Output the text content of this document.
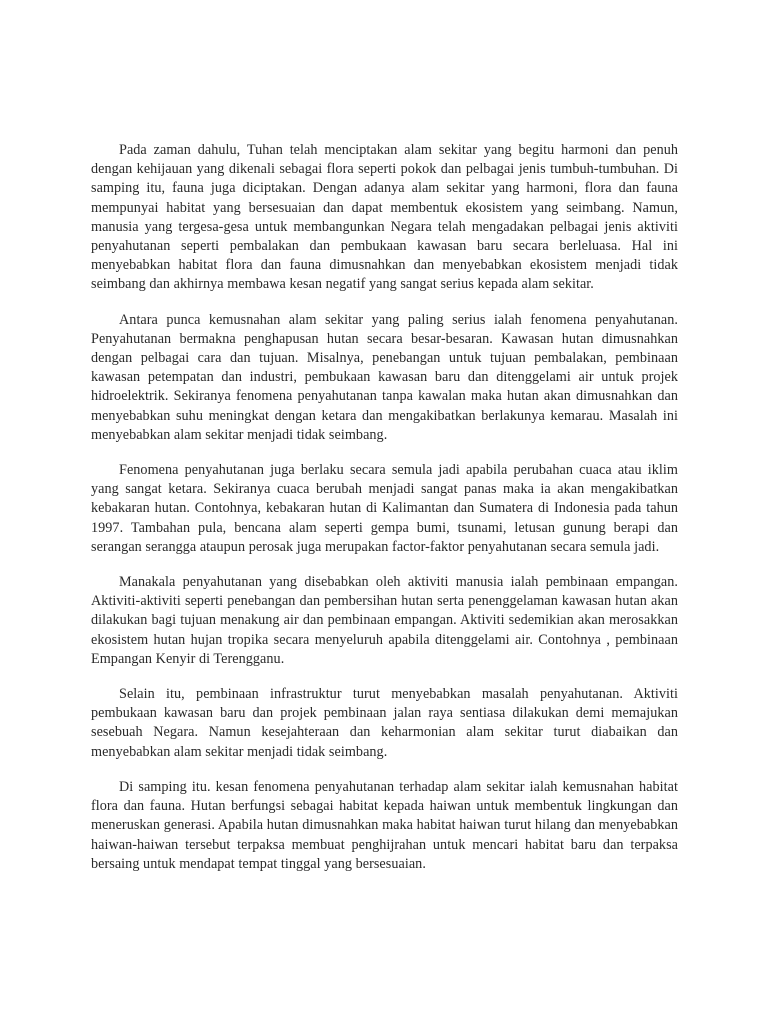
Pada zaman dahulu, Tuhan telah menciptakan alam sekitar yang begitu harmoni dan penuh dengan kehijauan yang dikenali sebagai flora seperti pokok dan pelbagai jenis tumbuh-tumbuhan. Di samping itu, fauna juga diciptakan. Dengan adanya alam sekitar yang harmoni, flora dan fauna mempunyai habitat yang bersesuaian dan dapat membentuk ekosistem yang seimbang. Namun, manusia yang tergesa-gesa untuk membangunkan Negara telah mengadakan pelbagai jenis aktiviti penyahutanan seperti pembalakan dan pembukaan kawasan baru secara berleluasa. Hal ini menyebabkan habitat flora dan fauna dimusnahkan dan menyebabkan ekosistem menjadi tidak seimbang dan akhirnya membawa kesan negatif yang sangat serius kepada alam sekitar.

Antara punca kemusnahan alam sekitar yang paling serius ialah fenomena penyahutanan. Penyahutanan bermakna penghapusan hutan secara besar-besaran. Kawasan hutan dimusnahkan dengan pelbagai cara dan tujuan. Misalnya, penebangan untuk tujuan pembalakan, pembinaan kawasan petempatan dan industri, pembukaan kawasan baru dan ditenggelami air untuk projek hidroelektrik. Sekiranya fenomena penyahutanan tanpa kawalan maka hutan akan dimusnahkan dan menyebabkan suhu meningkat dengan ketara dan mengakibatkan berlakunya kemarau. Masalah ini menyebabkan alam sekitar menjadi tidak seimbang.

Fenomena penyahutanan juga berlaku secara semula jadi apabila perubahan cuaca atau iklim yang sangat ketara. Sekiranya cuaca berubah menjadi sangat panas maka ia akan mengakibatkan kebakaran hutan. Contohnya, kebakaran hutan di Kalimantan dan Sumatera di Indonesia pada tahun 1997. Tambahan pula, bencana alam seperti gempa bumi, tsunami, letusan gunung berapi dan serangan serangga ataupun perosak juga merupakan factor-faktor penyahutanan secara semula jadi.

Manakala penyahutanan yang disebabkan oleh aktiviti manusia ialah pembinaan empangan. Aktiviti-aktiviti seperti penebangan dan pembersihan hutan serta penenggelaman kawasan hutan akan dilakukan bagi tujuan menakung air dan pembinaan empangan. Aktiviti sedemikian akan merosakkan ekosistem hutan hujan tropika secara menyeluruh apabila ditenggelami air. Contohnya , pembinaan Empangan Kenyir di Terengganu.

Selain itu, pembinaan infrastruktur turut menyebabkan masalah penyahutanan. Aktiviti pembukaan kawasan baru dan projek pembinaan jalan raya sentiasa dilakukan demi memajukan sesebuah Negara. Namun kesejahteraan dan keharmonian alam sekitar turut diabaikan dan menyebabkan alam sekitar menjadi tidak seimbang.

Di samping itu. kesan fenomena penyahutanan terhadap alam sekitar ialah kemusnahan habitat flora dan fauna. Hutan berfungsi sebagai habitat kepada haiwan untuk membentuk lingkungan dan meneruskan generasi. Apabila hutan dimusnahkan maka habitat haiwan turut hilang dan menyebabkan haiwan-haiwan tersebut terpaksa membuat penghijrahan untuk mencari habitat baru dan terpaksa bersaing untuk mendapat tempat tinggal yang bersesuaian.
